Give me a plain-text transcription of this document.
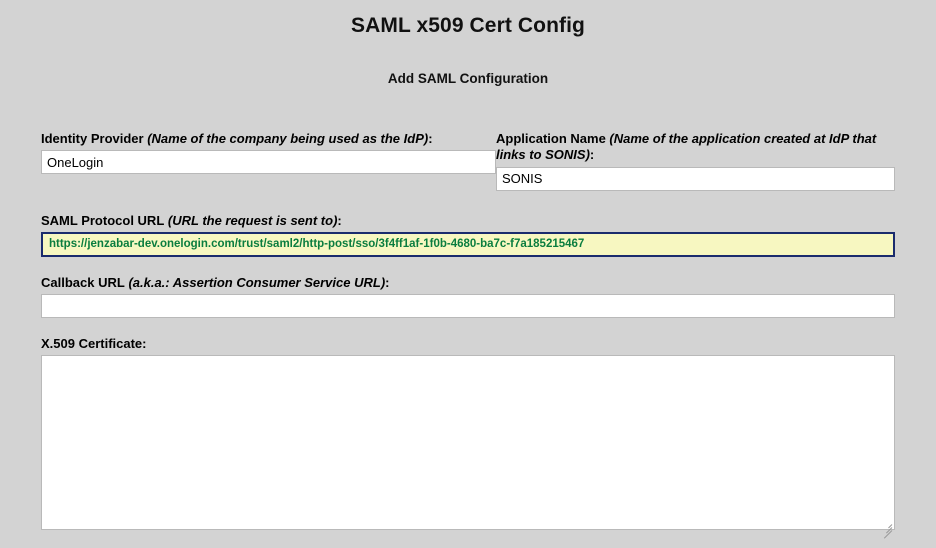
SAML x509 Cert Config
Add SAML Configuration
Identity Provider (Name of the company being used as the IdP):
OneLogin	Application Name (Name of the application created at IdP that links to SONIS):
SONIS
SAML Protocol URL (URL the request is sent to):
https://jenzabar-dev.onelogin.com/trust/saml2/http-post/sso/3f4ff1af-1f0b-4680-ba7c-f7a185215467
Callback URL (a.k.a.: Assertion Consumer Service URL):
X.509 Certificate:
